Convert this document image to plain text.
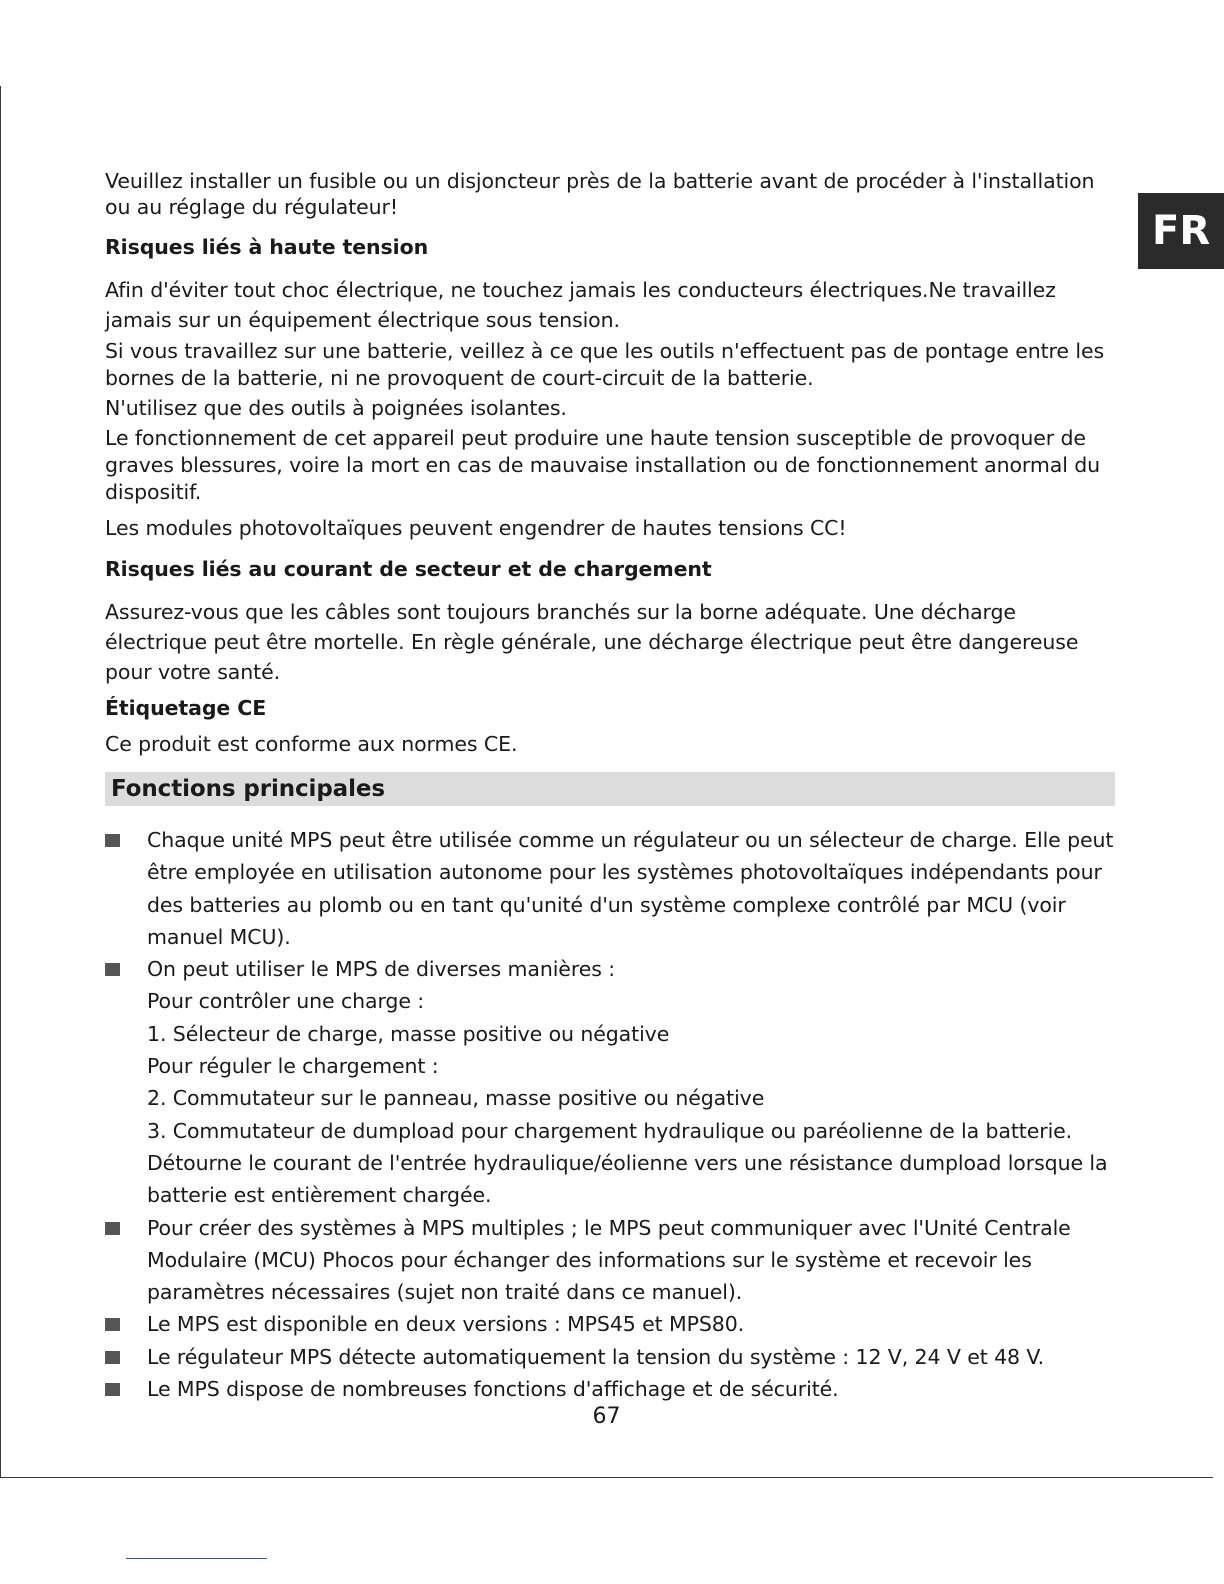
FR

Veuillez installer un fusible ou un disjoncteur près de la batterie avant de procéder à l'installation ou au réglage du régulateur!

Risques liés à haute tension

Afin d'éviter tout choc électrique, ne touchez jamais les conducteurs électriques.Ne travaillez jamais sur un équipement électrique sous tension.

Si vous travaillez sur une batterie, veillez à ce que les outils n'effectuent pas de pontage entre les bornes de la batterie, ni ne provoquent de court-circuit de la batterie.

N'utilisez que des outils à poignées isolantes.

Le fonctionnement de cet appareil peut produire une haute tension susceptible de provoquer de graves blessures, voire la mort en cas de mauvaise installation ou de fonctionnement anormal du dispositif.

Les modules photovoltaïques peuvent engendrer de hautes tensions CC!

Risques liés au courant de secteur et de chargement

Assurez-vous que les câbles sont toujours branchés sur la borne adéquate. Une décharge électrique peut être mortelle. En règle générale, une décharge électrique peut être dangereuse pour votre santé.

Étiquetage CE

Ce produit est conforme aux normes CE.

Fonctions principales
Chaque unité MPS peut être utilisée comme un régulateur ou un sélecteur de charge. Elle peut être employée en utilisation autonome pour les systèmes photovoltaïques indépendants pour des batteries au plomb ou en tant qu'unité d'un système complexe contrôlé par MCU (voir manuel MCU).
On peut utiliser le MPS de diverses manières :
Pour contrôler une charge :
1. Sélecteur de charge, masse positive ou négative
Pour réguler le chargement :
2. Commutateur sur le panneau, masse positive ou négative
3. Commutateur de dumpload pour chargement hydraulique ou paréolienne de la batterie. Détourne le courant de l'entrée hydraulique/éolienne vers une résistance dumpload lorsque la batterie est entièrement chargée.
Pour créer des systèmes à MPS multiples ; le MPS peut communiquer avec l'Unité Centrale Modulaire (MCU) Phocos pour échanger des informations sur le système et recevoir les paramètres nécessaires (sujet non traité dans ce manuel).
Le MPS est disponible en deux versions : MPS45 et MPS80.
Le régulateur MPS détecte automatiquement la tension du système : 12 V, 24 V et 48 V.
Le MPS dispose de nombreuses fonctions d'affichage et de sécurité.
67
